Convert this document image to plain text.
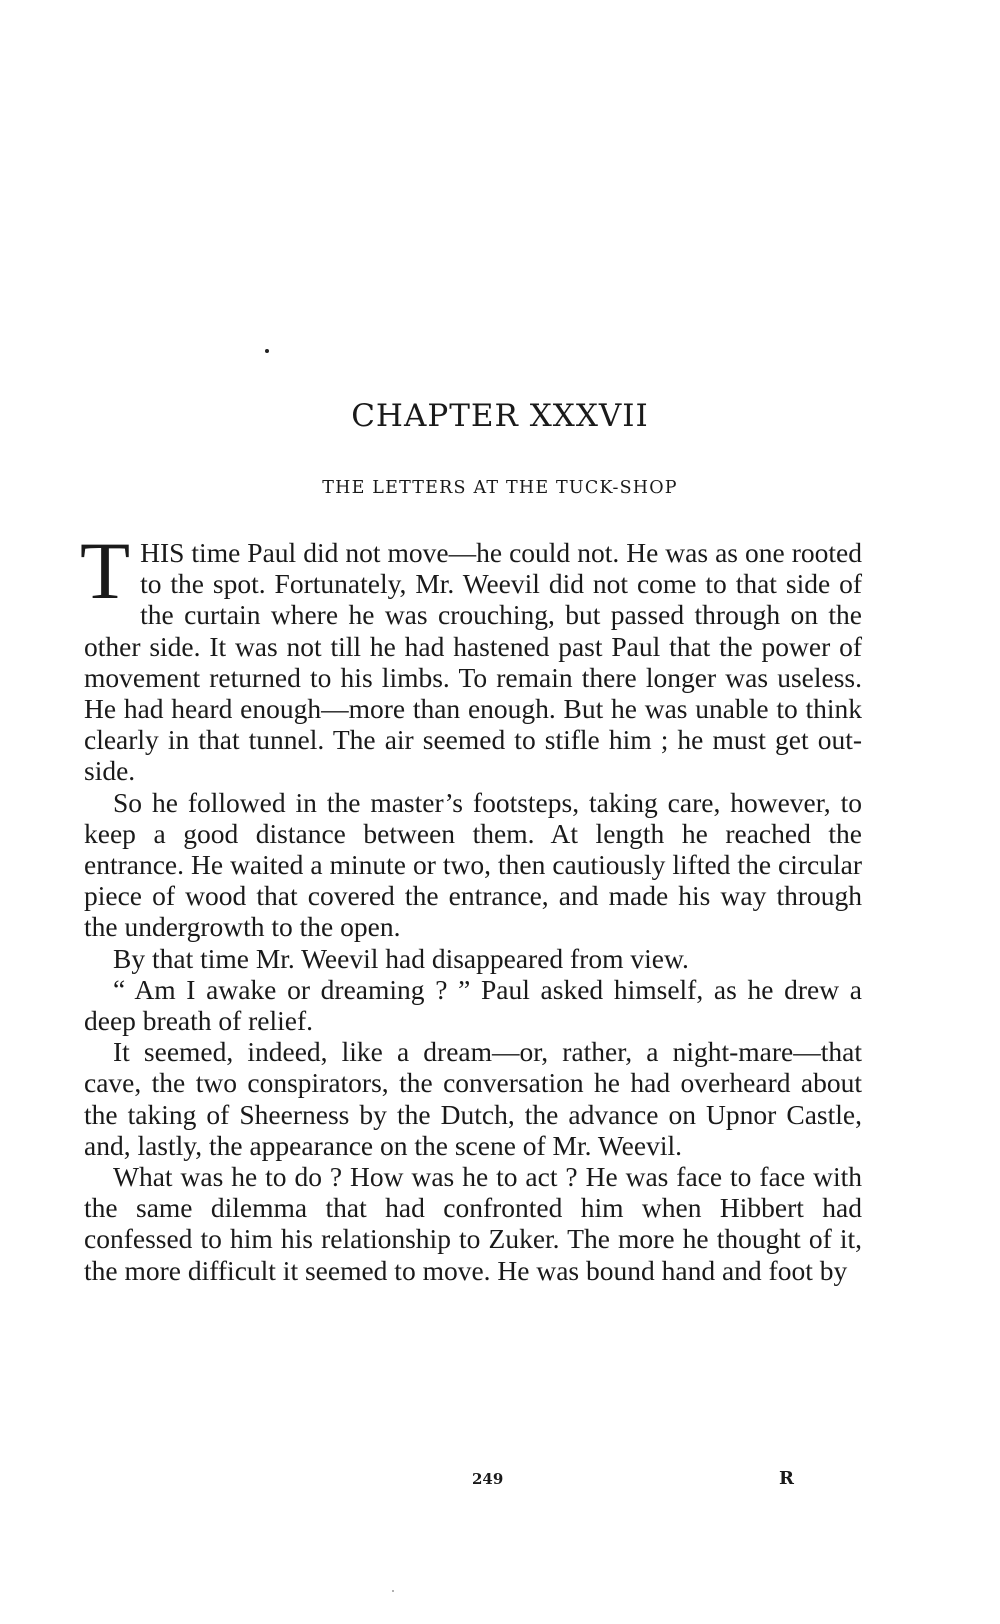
CHAPTER XXXVII
THE LETTERS AT THE TUCK-SHOP

THIS time Paul did not move—he could not. He was as one rooted to the spot. Fortunately, Mr. Weevil did not come to that side of the curtain where he was crouching, but passed through on the other side. It was not till he had hastened past Paul that the power of movement returned to his limbs. To remain there longer was useless. He had heard enough—more than enough. But he was unable to think clearly in that tunnel. The air seemed to stifle him ; he must get out-side.

So he followed in the master’s footsteps, taking care, however, to keep a good distance between them. At length he reached the entrance. He waited a minute or two, then cautiously lifted the circular piece of wood that covered the entrance, and made his way through the undergrowth to the open.

By that time Mr. Weevil had disappeared from view.

“ Am I awake or dreaming ? ” Paul asked himself, as he drew a deep breath of relief.

It seemed, indeed, like a dream—or, rather, a night-mare—that cave, the two conspirators, the conversation he had overheard about the taking of Sheerness by the Dutch, the advance on Upnor Castle, and, lastly, the appearance on the scene of Mr. Weevil.

What was he to do ? How was he to act ? He was face to face with the same dilemma that had confronted him when Hibbert had confessed to him his relationship to Zuker. The more he thought of it, the more difficult it seemed to move. He was bound hand and foot by

249	R
